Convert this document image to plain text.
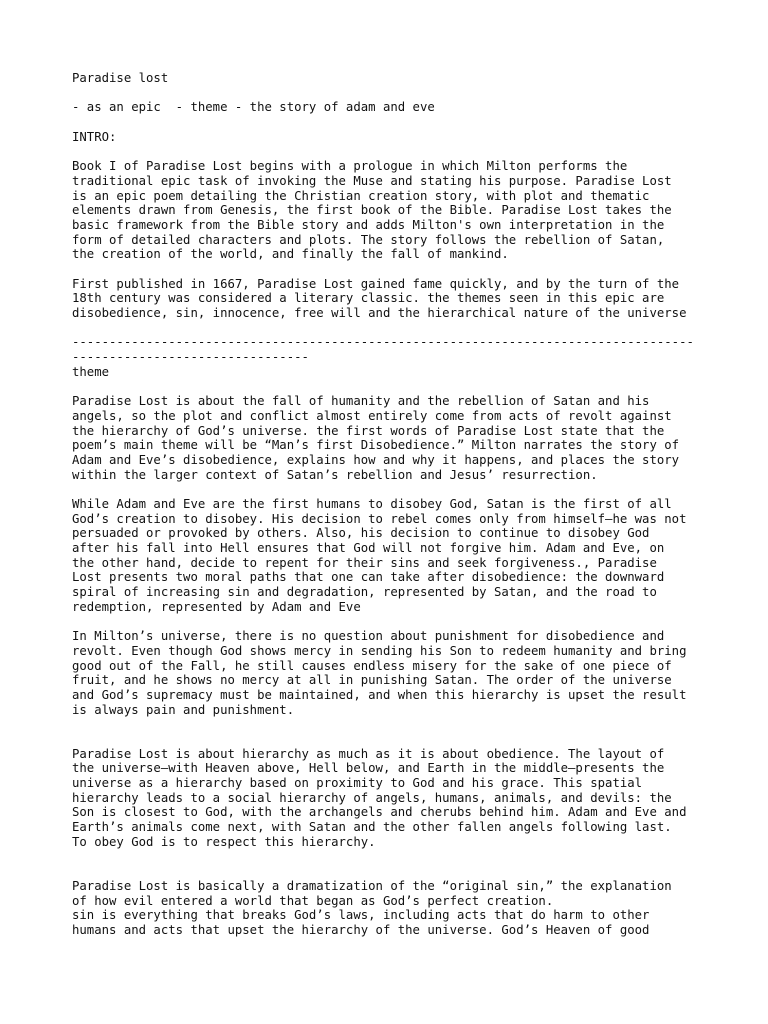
Paradise lost
- as an epic  - theme - the story of adam and eve
INTRO:
Book I of Paradise Lost begins with a prologue in which Milton performs the
traditional epic task of invoking the Muse and stating his purpose. Paradise Lost
is an epic poem detailing the Christian creation story, with plot and thematic
elements drawn from Genesis, the first book of the Bible. Paradise Lost takes the
basic framework from the Bible story and adds Milton's own interpretation in the
form of detailed characters and plots. The story follows the rebellion of Satan,
the creation of the world, and finally the fall of mankind.
First published in 1667, Paradise Lost gained fame quickly, and by the turn of the
18th century was considered a literary classic. the themes seen in this epic are
disobedience, sin, innocence, free will and the hierarchical nature of the universe
------------------------------------------------------------------------------------
--------------------------------
theme
Paradise Lost is about the fall of humanity and the rebellion of Satan and his
angels, so the plot and conflict almost entirely come from acts of revolt against
the hierarchy of God’s universe. the first words of Paradise Lost state that the
poem’s main theme will be “Man’s first Disobedience.” Milton narrates the story of
Adam and Eve’s disobedience, explains how and why it happens, and places the story
within the larger context of Satan’s rebellion and Jesus’ resurrection.
While Adam and Eve are the first humans to disobey God, Satan is the first of all
God’s creation to disobey. His decision to rebel comes only from himself—he was not
persuaded or provoked by others. Also, his decision to continue to disobey God
after his fall into Hell ensures that God will not forgive him. Adam and Eve, on
the other hand, decide to repent for their sins and seek forgiveness., Paradise
Lost presents two moral paths that one can take after disobedience: the downward
spiral of increasing sin and degradation, represented by Satan, and the road to
redemption, represented by Adam and Eve
In Milton’s universe, there is no question about punishment for disobedience and
revolt. Even though God shows mercy in sending his Son to redeem humanity and bring
good out of the Fall, he still causes endless misery for the sake of one piece of
fruit, and he shows no mercy at all in punishing Satan. The order of the universe
and God’s supremacy must be maintained, and when this hierarchy is upset the result
is always pain and punishment.
Paradise Lost is about hierarchy as much as it is about obedience. The layout of
the universe—with Heaven above, Hell below, and Earth in the middle—presents the
universe as a hierarchy based on proximity to God and his grace. This spatial
hierarchy leads to a social hierarchy of angels, humans, animals, and devils: the
Son is closest to God, with the archangels and cherubs behind him. Adam and Eve and
Earth’s animals come next, with Satan and the other fallen angels following last.
To obey God is to respect this hierarchy.
Paradise Lost is basically a dramatization of the “original sin,” the explanation
of how evil entered a world that began as God’s perfect creation.
sin is everything that breaks God’s laws, including acts that do harm to other
humans and acts that upset the hierarchy of the universe. God’s Heaven of good
